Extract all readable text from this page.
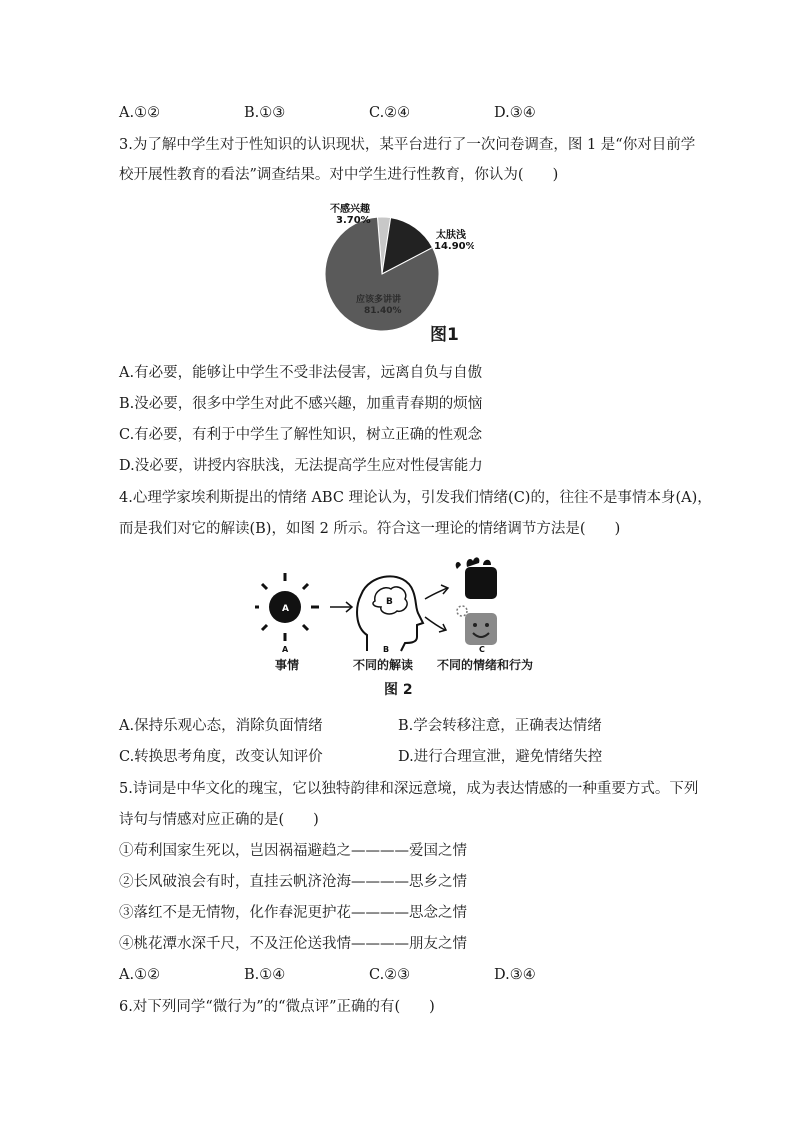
A.①②	B.①③	C.②④	D.③④
3.为了解中学生对于性知识的认识现状，某平台进行了一次问卷调查，图 1 是“你对目前学
校开展性教育的看法”调查结果。对中学生进行性教育，你认为(　　)
不感兴趣
3.70%
太肤浅
14.90%
应该多讲讲
81.40%
图1
A.有必要，能够让中学生不受非法侵害，远离自负与自傲
B.没必要，很多中学生对此不感兴趣，加重青春期的烦恼
C.有必要，有利于中学生了解性知识，树立正确的性观念
D.没必要，讲授内容肤浅，无法提高学生应对性侵害能力
4.心理学家埃利斯提出的情绪 ABC 理论认为，引发我们情绪(C)的，往往不是事情本身(A)，
而是我们对它的解读(B)，如图 2 所示。符合这一理论的情绪调节方法是(　　)
A
B
A	B	C
事情	不同的解读 不同的情绪和行为
图 2
A.保持乐观心态，消除负面情绪	B.学会转移注意，正确表达情绪
C.转换思考角度，改变认知评价	D.进行合理宣泄，避免情绪失控
5.诗词是中华文化的瑰宝，它以独特韵律和深远意境，成为表达情感的一种重要方式。下列
诗句与情感对应正确的是(　　)
①苟利国家生死以，岂因祸福避趋之————爱国之情
②长风破浪会有时，直挂云帆济沧海————思乡之情
③落红不是无情物，化作春泥更护花————思念之情
④桃花潭水深千尺，不及汪伦送我情————朋友之情
A.①②	B.①④	C.②③	D.③④
6.对下列同学“微行为”的“微点评”正确的有(　　)
